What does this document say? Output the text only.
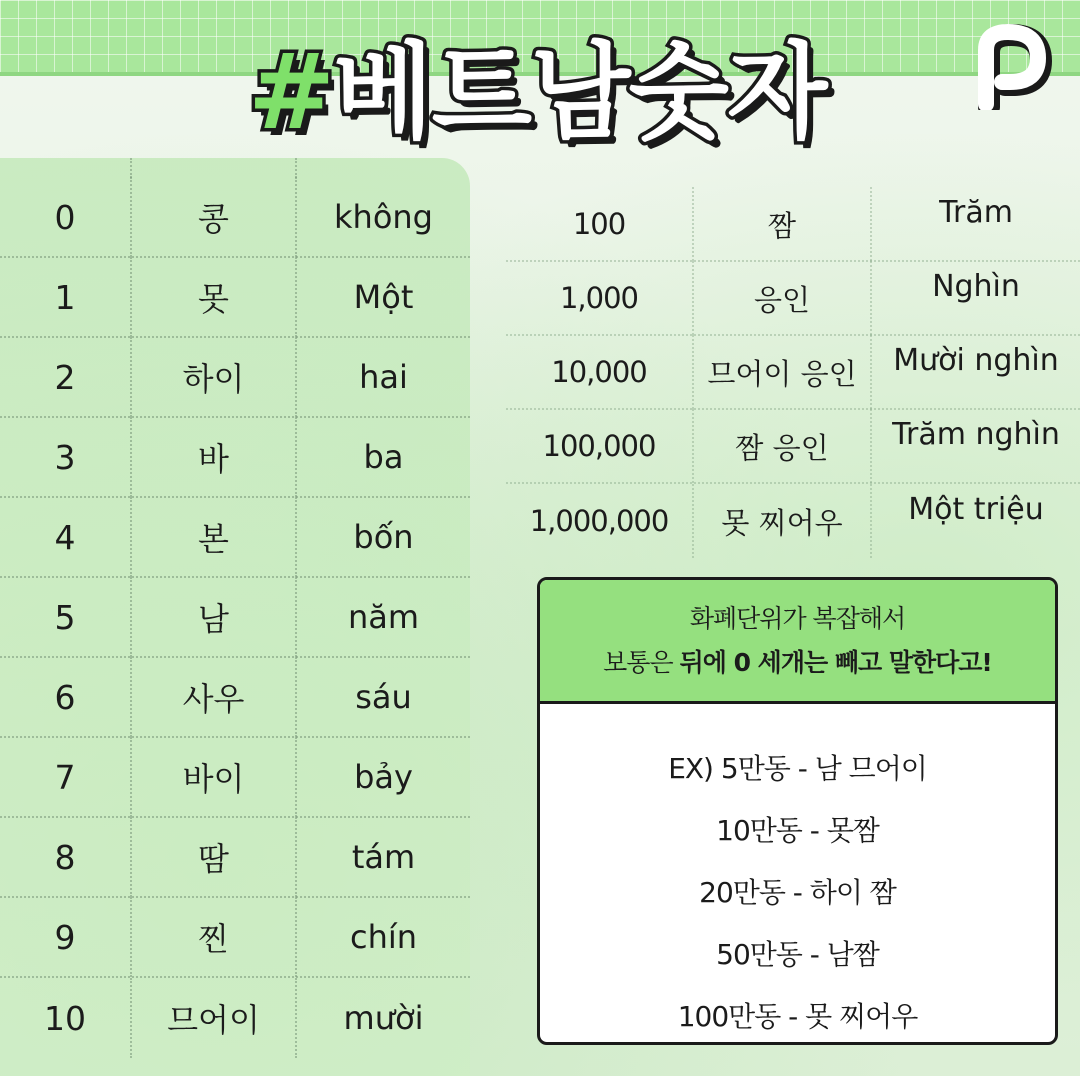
#베트남숫자
0	콩	không
1	못	Một
2	하이	hai
3	바	ba
4	본	bốn
5	남	năm
6	사우	sáu
7	바이	bảy
8	땀	tám
9	찐	chín
10	므어이	mười
100	짬	Trăm
1,000	응인	Nghìn
10,000	므어이 응인	Mười nghìn
100,000	짬 응인	Trăm nghìn
1,000,000	못 찌어우	Một triệu
화폐단위가 복잡해서
보통은 뒤에 0 세개는 빼고 말한다고!
EX) 5만동 - 남 므어이
10만동 - 못짬
20만동 - 하이 짬
50만동 - 남짬
100만동 - 못 찌어우
